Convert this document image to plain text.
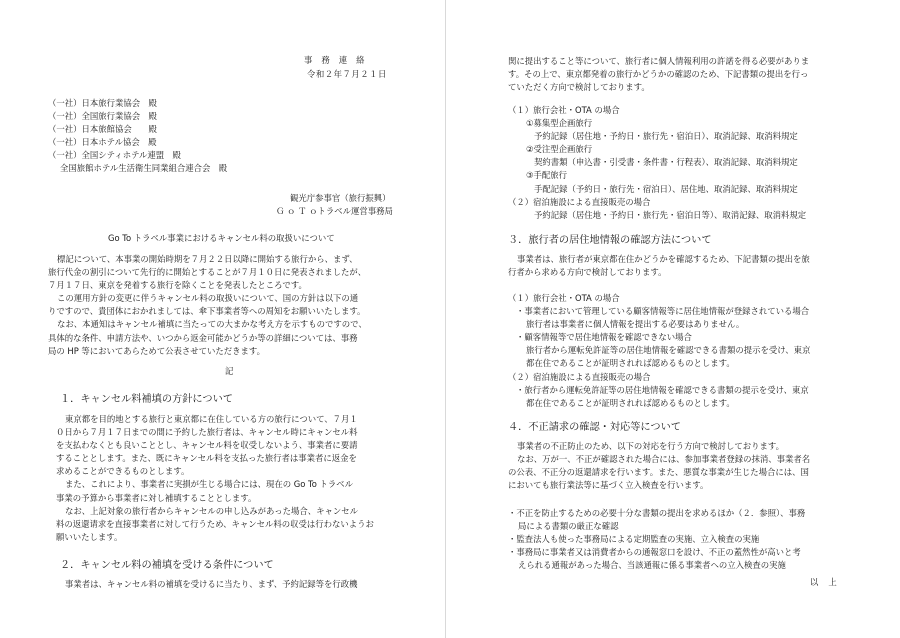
事務連絡
令和２年７月２１日
（一社）日本旅行業協会　殿
（一社）全国旅行業協会　殿
（一社）日本旅館協会　　殿
（一社）日本ホテル協会　殿
（一社）全国シティホテル連盟　殿
全国旅館ホテル生活衛生同業組合連合会　殿
観光庁参事官（旅行振興）
Ｇ ｏ Ｔ ｏトラベル運営事務局
Go To トラベル事業におけるキャンセル料の取扱いについて
標記について、本事業の開始時期を７月２２日以降に開始する旅行から、まず、
旅行代金の割引について先行的に開始とすることが７月１０日に発表されましたが、
７月１７日、東京を発着する旅行を除くことを発表したところです。
この運用方針の変更に伴うキャンセル料の取扱いについて、国の方針は以下の通
りですので、貴団体におかれましては、傘下事業者等への周知をお願いいたします。
なお、本通知はキャンセル補填に当たっての大まかな考え方を示すものですので、
具体的な条件、申請方法や、いつから返金可能かどうか等の詳細については、事務
局の HP 等においてあらためて公表させていただきます。
記
１．キャンセル料補填の方針について
東京都を目的地とする旅行と東京都に在住している方の旅行について、７月１
０日から７月１７日までの間に予約した旅行者は、キャンセル時にキャンセル料
を支払わなくとも良いこととし、キャンセル料を収受しないよう、事業者に要請
することとします。また、既にキャンセル料を支払った旅行者は事業者に返金を
求めることができるものとします。
また、これにより、事業者に実損が生じる場合には、現在の Go To トラベル
事業の予算から事業者に対し補填することとします。
なお、上記対象の旅行者からキャンセルの申し込みがあった場合、キャンセル
料の返還请求を直接事業者に対して行うため、キャンセル料の収受は行わないようお
願いいたします。
２．キャンセル料の補填を受ける条件について
事業者は、キャンセル料の補填を受けるに当たり、まず、予約記録等を行政機
関に提出すること等について、旅行者に個人情報利用の許諾を得る必要がありま
す。その上で、東京都発着の旅行かどうかの確認のため、下記書類の提出を行っ
ていただく方向で検討しております。
（１）旅行会社・OTA の場合
①募集型企画旅行
予約記録（居住地・予約日・旅行先・宿泊日）、取消記録、取消料規定
②受注型企画旅行
契約書類（申込書・引受書・条件書・行程表）、取消記録、取消料規定
③手配旅行
手配記録（予約日・旅行先・宿泊日）、居住地、取消記録、取消料規定
（２）宿泊施設による直接販売の場合
予約記録（居住地・予約日・旅行先・宿泊日等）、取消記録、取消料規定
３．旅行者の居住地情報の確認方法について
事業者は、旅行者が東京都在住かどうかを確認するため、下記書類の提出を旅
行者から求める方向で検討しております。
（１）旅行会社・OTA の場合
・事業者において管理している顧客情報等に居住地情報が登録されている場合
旅行者は事業者に個人情報を提出する必要はありません。
・顧客情報等で居住地情報を確認できない場合
旅行者から運転免許証等の居住地情報を確認できる書類の提示を受け、東京
都在住であることが証明されれば認めるものとします。
（２）宿泊施設による直接販売の場合
・旅行者から運転免許証等の居住地情報を確認できる書類の提示を受け、東京
都在住であることが証明されれば認めるものとします。
４．不正請求の確認・対応等について
事業者の不正防止のため、以下の対応を行う方向で検討しております。
なお、万が一、不正が確認された場合には、参加事業者登録の抹消、事業者名
の公表、不正分の返還請求を行います。また、悪質な事業が生じた場合には、国
においても旅行業法等に基づく立入検査を行います。
・不正を防止するための必要十分な書類の提出を求めるほか（２．参照）、事務
局による書類の厳正な確認
・監査法人も使った事務局による定期監査の実施、立入検査の実施
・事務局に事業者又は消費者からの通報窓口を設け、不正の蓋然性が高いと考
えられる通報があった場合、当該通報に係る事業者への立入検査の実施
以上
